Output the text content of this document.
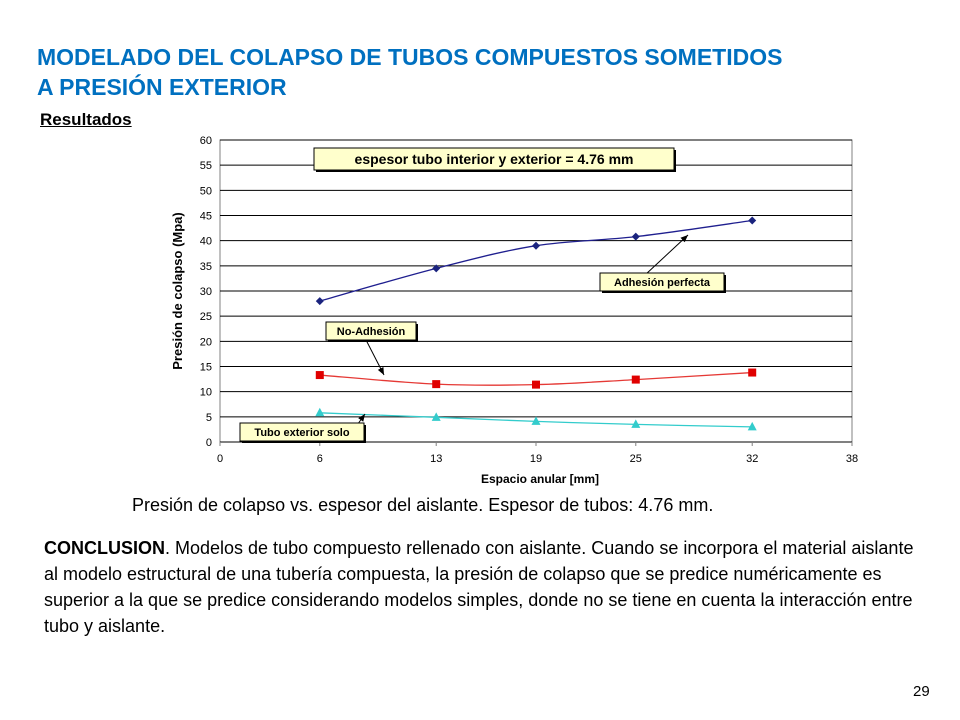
MODELADO DEL COLAPSO DE TUBOS COMPUESTOS SOMETIDOS
A PRESIÓN EXTERIOR
Resultados
0
5
10
15
20
25
30
35
40
45
50
55
60
0	6	13	19	25	32	38
Presión de colapso (Mpa)
Espacio anular [mm]
espesor tubo interior y exterior = 4.76 mm
Adhesión perfecta
No-Adhesión
Tubo exterior solo
Presión de colapso vs. espesor del aislante. Espesor de tubos: 4.76 mm.

CONCLUSION. Modelos de tubo compuesto rellenado con aislante. Cuando se incorpora el material aislante al modelo estructural de una tubería compuesta, la presión de colapso que se predice numéricamente es superior a la que se predice considerando modelos simples, donde no se tiene en cuenta la interacción entre tubo y aislante.

29
